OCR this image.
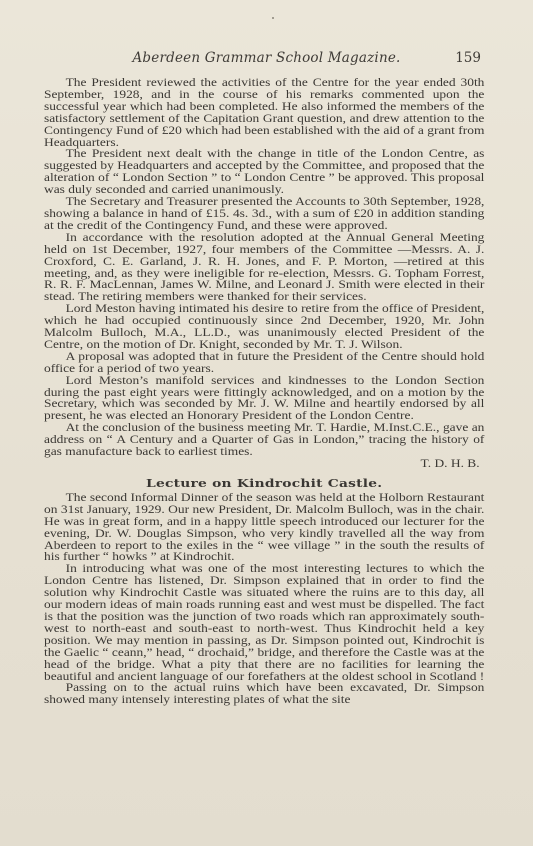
Aberdeen Grammar School Magazine.	159

The President reviewed the activities of the Centre for the year ended 30th September, 1928, and in the course of his remarks commented upon the successful year which had been completed. He also informed the members of the satisfactory settlement of the Capitation Grant question, and drew attention to the Contingency Fund of £20 which had been established with the aid of a grant from Headquarters.

The President next dealt with the change in title of the London Centre, as suggested by Headquarters and accepted by the Committee, and proposed that the alteration of “ London Section ” to “ London Centre ” be approved. This proposal was duly seconded and carried unanimously.

The Secretary and Treasurer presented the Accounts to 30th September, 1928, showing a balance in hand of £15. 4s. 3d., with a sum of £20 in addition standing at the credit of the Contingency Fund, and these were approved.

In accordance with the resolution adopted at the Annual General Meeting held on 1st December, 1927, four members of the Committee —Messrs. A. J. Croxford, C. E. Garland, J. R. H. Jones, and F. P. Morton, —retired at this meeting, and, as they were ineligible for re-election, Messrs. G. Topham Forrest, R. R. F. MacLennan, James W. Milne, and Leonard J. Smith were elected in their stead. The retiring members were thanked for their services.

Lord Meston having intimated his desire to retire from the office of President, which he had occupied continuously since 2nd December, 1920, Mr. John Malcolm Bulloch, M.A., LL.D., was unanimously elected President of the Centre, on the motion of Dr. Knight, seconded by Mr. T. J. Wilson.

A proposal was adopted that in future the President of the Centre should hold office for a period of two years.

Lord Meston’s manifold services and kindnesses to the London Section during the past eight years were fittingly acknowledged, and on a motion by the Secretary, which was seconded by Mr. J. W. Milne and heartily endorsed by all present, he was elected an Honorary President of the London Centre.

At the conclusion of the business meeting Mr. T. Hardie, M.Inst.C.E., gave an address on “ A Century and a Quarter of Gas in London,” tracing the history of gas manufacture back to earliest times.

T. D. H. B.

Lecture on Kindrochit Castle.

The second Informal Dinner of the season was held at the Holborn Restaurant on 31st January, 1929. Our new President, Dr. Malcolm Bulloch, was in the chair. He was in great form, and in a happy little speech introduced our lecturer for the evening, Dr. W. Douglas Simpson, who very kindly travelled all the way from Aberdeen to report to the exiles in the “ wee village ” in the south the results of his further “ howks ” at Kindrochit.

In introducing what was one of the most interesting lectures to which the London Centre has listened, Dr. Simpson explained that in order to find the solution why Kindrochit Castle was situated where the ruins are to this day, all our modern ideas of main roads running east and west must be dispelled. The fact is that the position was the junction of two roads which ran approximately south-west to north-east and south-east to north-west. Thus Kindrochit held a key position. We may mention in passing, as Dr. Simpson pointed out, Kindrochit is the Gaelic “ ceann,” head, “ drochaid,” bridge, and therefore the Castle was at the head of the bridge. What a pity that there are no facilities for learning the beautiful and ancient language of our forefathers at the oldest school in Scotland !

Passing on to the actual ruins which have been excavated, Dr. Simpson showed many intensely interesting plates of what the site
